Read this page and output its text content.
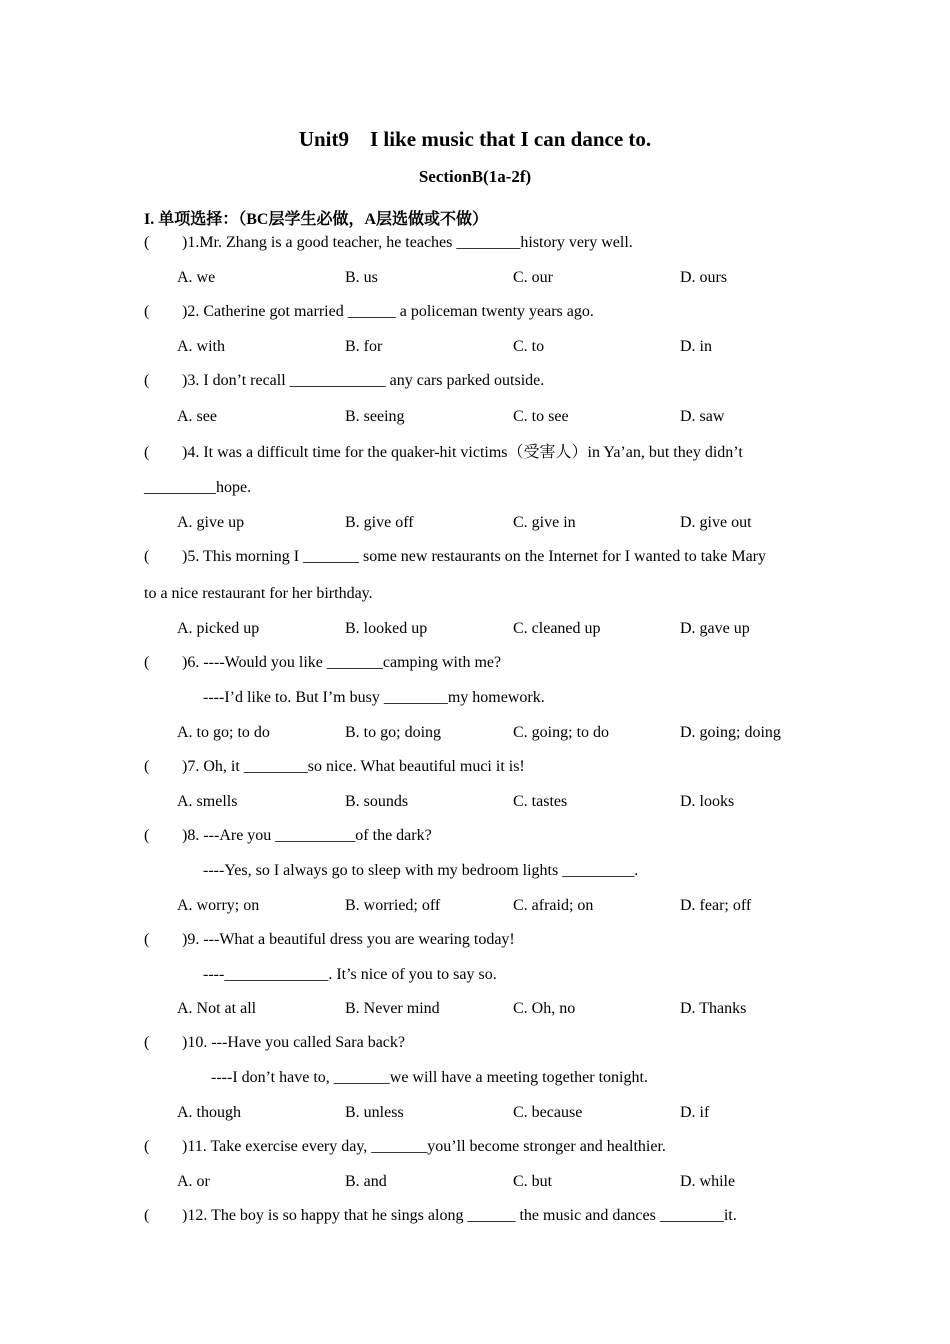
Unit9    I like music that I can dance to.
SectionB(1a-2f)
I. 单项选择：（BC层学生必做，A层选做或不做）
( )1.Mr. Zhang is a good teacher, he teaches ________history very well.
A. we	B. us	C. our	D. ours
( )2. Catherine got married ______ a policeman twenty years ago.
A. with	B. for	C. to	D. in
( )3. I don’t recall ____________ any cars parked outside.
A. see	B. seeing	C. to see	D. saw
( )4. It was a difficult time for the quaker-hit victims（受害人）in Ya’an, but they didn’t
_________hope.
A. give up	B. give off	C. give in	D. give out
( )5. This morning I _______ some new restaurants on the Internet for I wanted to take Mary
to a nice restaurant for her birthday.
A. picked up	B. looked up	C. cleaned up	D. gave up
( )6. ----Would you like _______camping with me?
----I’d like to. But I’m busy ________my homework.
A. to go; to do	B. to go; doing	C. going; to do	D. going; doing
( )7. Oh, it ________so nice. What beautiful muci it is!
A. smells	B. sounds	C. tastes	D. looks
( )8. ---Are you __________of the dark?
----Yes, so I always go to sleep with my bedroom lights _________.
A. worry; on	B. worried; off	C. afraid; on	D. fear; off
( )9. ---What a beautiful dress you are wearing today!
----_____________. It’s nice of you to say so.
A. Not at all	B. Never mind	C. Oh, no	D. Thanks
( )10. ---Have you called Sara back?
----I don’t have to, _______we will have a meeting together tonight.
A. though	B. unless	C. because	D. if
( )11. Take exercise every day, _______you’ll become stronger and healthier.
A. or	B. and	C. but	D. while
( )12. The boy is so happy that he sings along ______ the music and dances ________it.
